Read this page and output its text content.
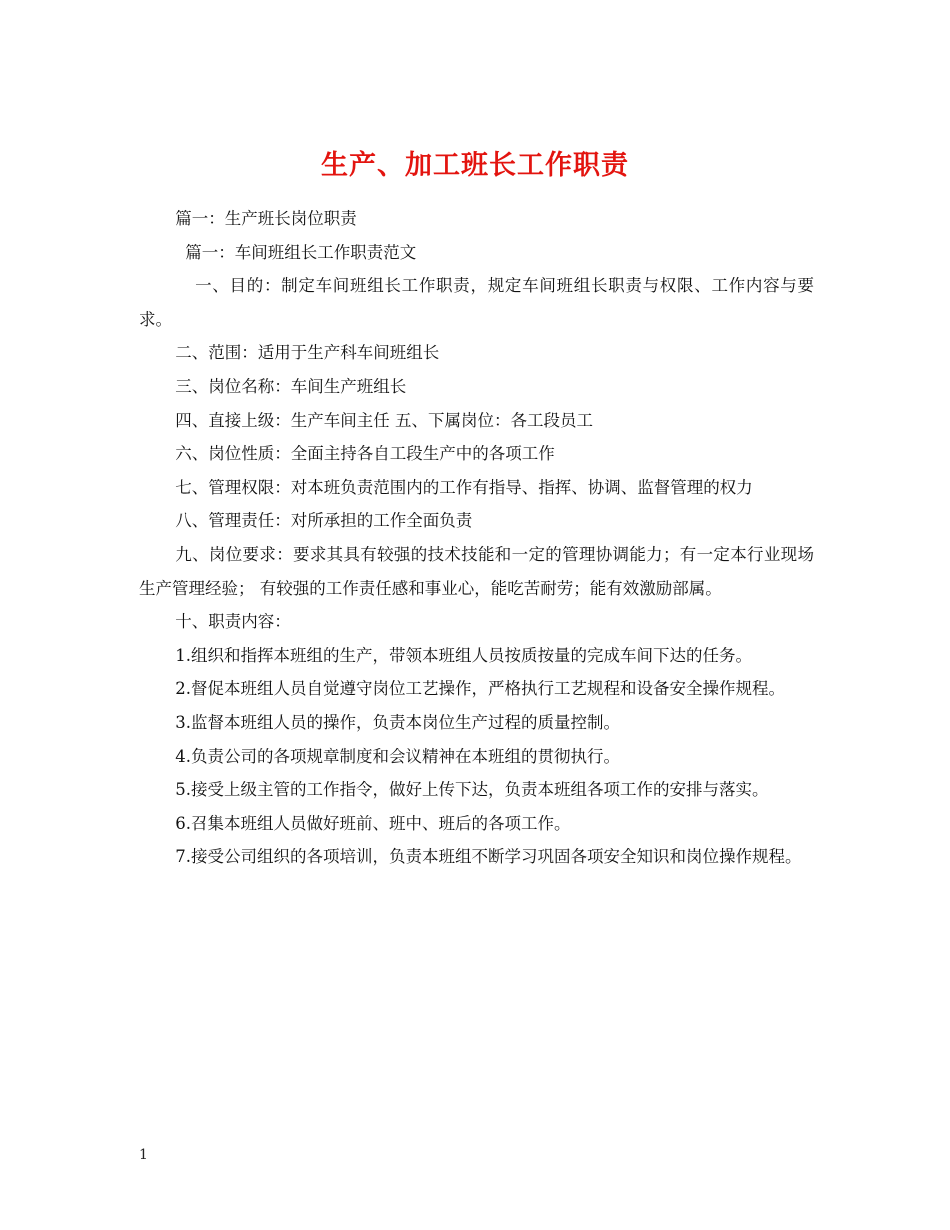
生产、加工班长工作职责

篇一：生产班长岗位职责

篇一：车间班组长工作职责范文

一、目的：制定车间班组长工作职责，规定车间班组长职责与权限、工作内容与要求。

二、范围：适用于生产科车间班组长

三、岗位名称：车间生产班组长

四、直接上级：生产车间主任 五、下属岗位：各工段员工

六、岗位性质：全面主持各自工段生产中的各项工作

七、管理权限：对本班负责范围内的工作有指导、指挥、协调、监督管理的权力

八、管理责任：对所承担的工作全面负责

九、岗位要求：要求其具有较强的技术技能和一定的管理协调能力；有一定本行业现场生产管理经验； 有较强的工作责任感和事业心，能吃苦耐劳；能有效激励部属。

十、职责内容：

1.组织和指挥本班组的生产，带领本班组人员按质按量的完成车间下达的任务。

2.督促本班组人员自觉遵守岗位工艺操作，严格执行工艺规程和设备安全操作规程。

3.监督本班组人员的操作，负责本岗位生产过程的质量控制。

4.负责公司的各项规章制度和会议精神在本班组的贯彻执行。

5.接受上级主管的工作指令，做好上传下达，负责本班组各项工作的安排与落实。

6.召集本班组人员做好班前、班中、班后的各项工作。

7.接受公司组织的各项培训，负责本班组不断学习巩固各项安全知识和岗位操作规程。

1
